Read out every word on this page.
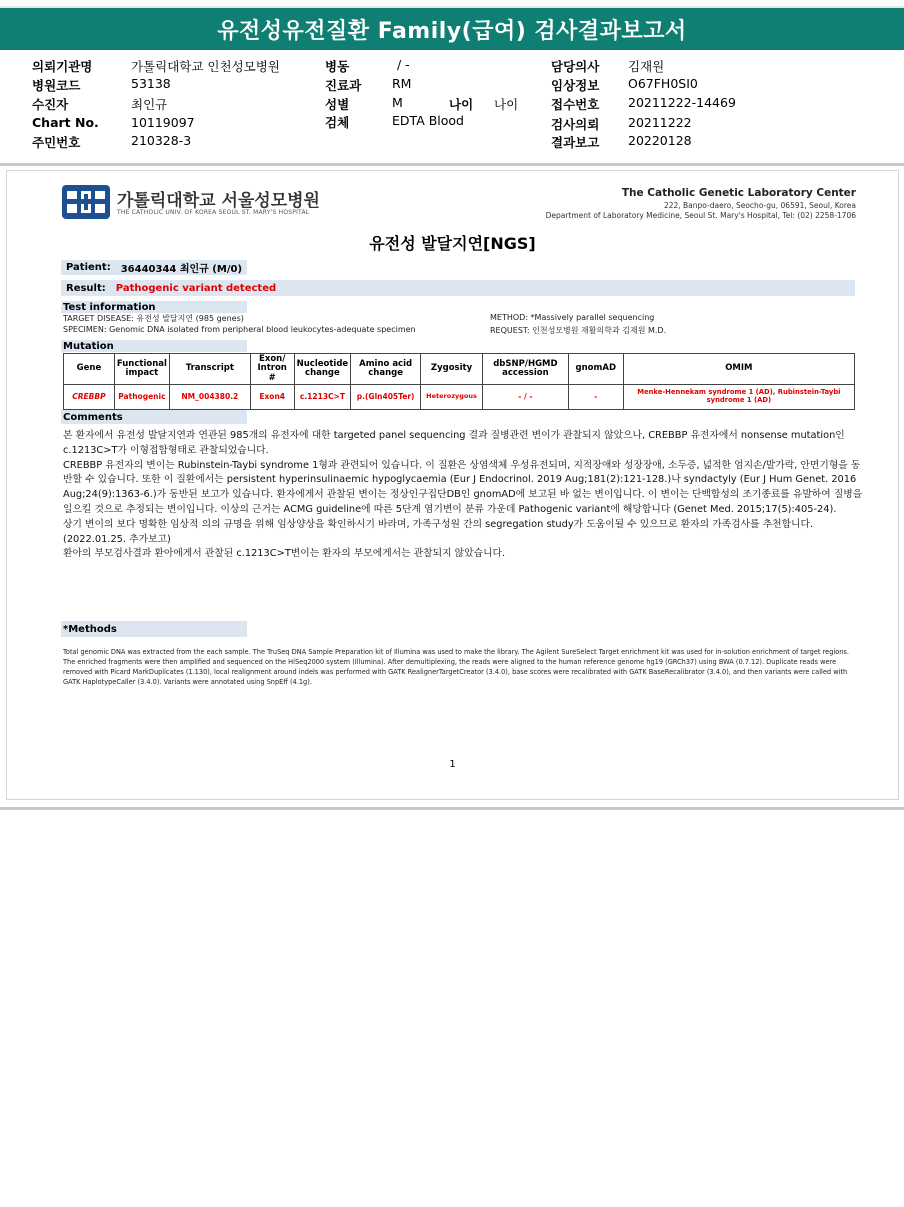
유전성유전질환 Family(급여) 검사결과보고서
의뢰기관명	가톨릭대학교 인천성모병원
병원코드	53138
수진자	최인규
Chart No.	10119097
주민번호	210328-3
병동	/ -
진료과 RM
성별	M	나이 나이
검체	EDTA Blood
담당의사 김재원
임상정보 O67FH0SI0
접수번호 20211222-14469
검사의뢰 20211222
결과보고 20220128
가톨릭대학교 서울성모병원
THE CATHOLIC UNIV. OF KOREA SEOUL ST. MARY'S HOSPITAL
The Catholic Genetic Laboratory Center
222, Banpo-daero, Seocho-gu, 06591, Seoul, Korea
Department of Laboratory Medicine, Seoul St. Mary's Hospital, Tel: (02) 2258-1706
유전성 발달지연[NGS]
Patient: 36440344 최인규 (M/0)
Result: Pathogenic variant detected
Test information
TARGET DISEASE: 유전성 발달지연 (985 genes)
SPECIMEN: Genomic DNA isolated from peripheral blood leukocytes-adequate specimen
METHOD: *Massively parallel sequencing
REQUEST: 인천성모병원 재활의학과 김재원 M.D.
Mutation
Gene	Functional impact	Transcript	Exon/ Intron #	Nucleotide change	Amino acid change	Zygosity	dbSNP/HGMD accession	gnomAD	OMIM
CREBBP	Pathogenic	NM_004380.2	Exon4	c.1213C>T	p.(Gln405Ter)	Heterozygous	- / -	-	Menke-Hennekam syndrome 1 (AD), Rubinstein-Taybi syndrome 1 (AD)
Comments

본 환자에서 유전성 발달지연과 연관된 985개의 유전자에 대한 targeted panel sequencing 결과 질병관련 변이가 관찰되지 않았으나, CREBBP 유전자에서 nonsense mutation인 c.1213C>T가 이형접합형태로 관찰되었습니다.

CREBBP 유전자의 변이는 Rubinstein-Taybi syndrome 1형과 관련되어 있습니다. 이 질환은 상염색체 우성유전되며, 지적장애와 성장장애, 소두증, 넓적한 엄지손/발가락, 안면기형을 동반할 수 있습니다. 또한 이 질환에서는 persistent hyperinsulinaemic hypoglycaemia (Eur J Endocrinol. 2019 Aug;181(2):121-128.)나 syndactyly (Eur J Hum Genet. 2016 Aug;24(9):1363-6.)가 동반된 보고가 있습니다. 환자에게서 관찰된 변이는 정상인구집단DB인 gnomAD에 보고된 바 없는 변이입니다. 이 변이는 단백합성의 조기종료를 유발하여 질병을 일으킬 것으로 추정되는 변이입니다. 이상의 근거는 ACMG guideline에 따른 5단계 염기변이 분류 가운데 Pathogenic variant에 해당합니다 (Genet Med. 2015;17(5):405-24).

상기 변이의 보다 명확한 임상적 의의 규명을 위해 임상양상을 확인하시기 바라며, 가족구성원 간의 segregation study가 도움이될 수 있으므로 환자의 가족검사를 추천합니다.

(2022.01.25. 추가보고)

환아의 부모검사결과 환아에게서 관찰된 c.1213C>T변이는 환자의 부모에게서는 관찰되지 않았습니다.

*Methods
Total genomic DNA was extracted from the each sample. The TruSeq DNA Sample Preparation kit of Illumina was used to make the library. The Agilent SureSelect Target enrichment kit was used for in-solution enrichment of target regions. The enriched fragments were then amplified and sequenced on the HiSeq2000 system (Illumina). After demultiplexing, the reads were aligned to the human reference genome hg19 (GRCh37) using BWA (0.7.12). Duplicate reads were removed with Picard MarkDuplicates (1.130), local realignment around indels was performed with GATK RealignerTargetCreator (3.4.0), base scores were recalibrated with GATK BaseRecalibrator (3.4.0), and then variants were called with GATK HaplotypeCaller (3.4.0). Variants were annotated using SnpEff (4.1g).
1
